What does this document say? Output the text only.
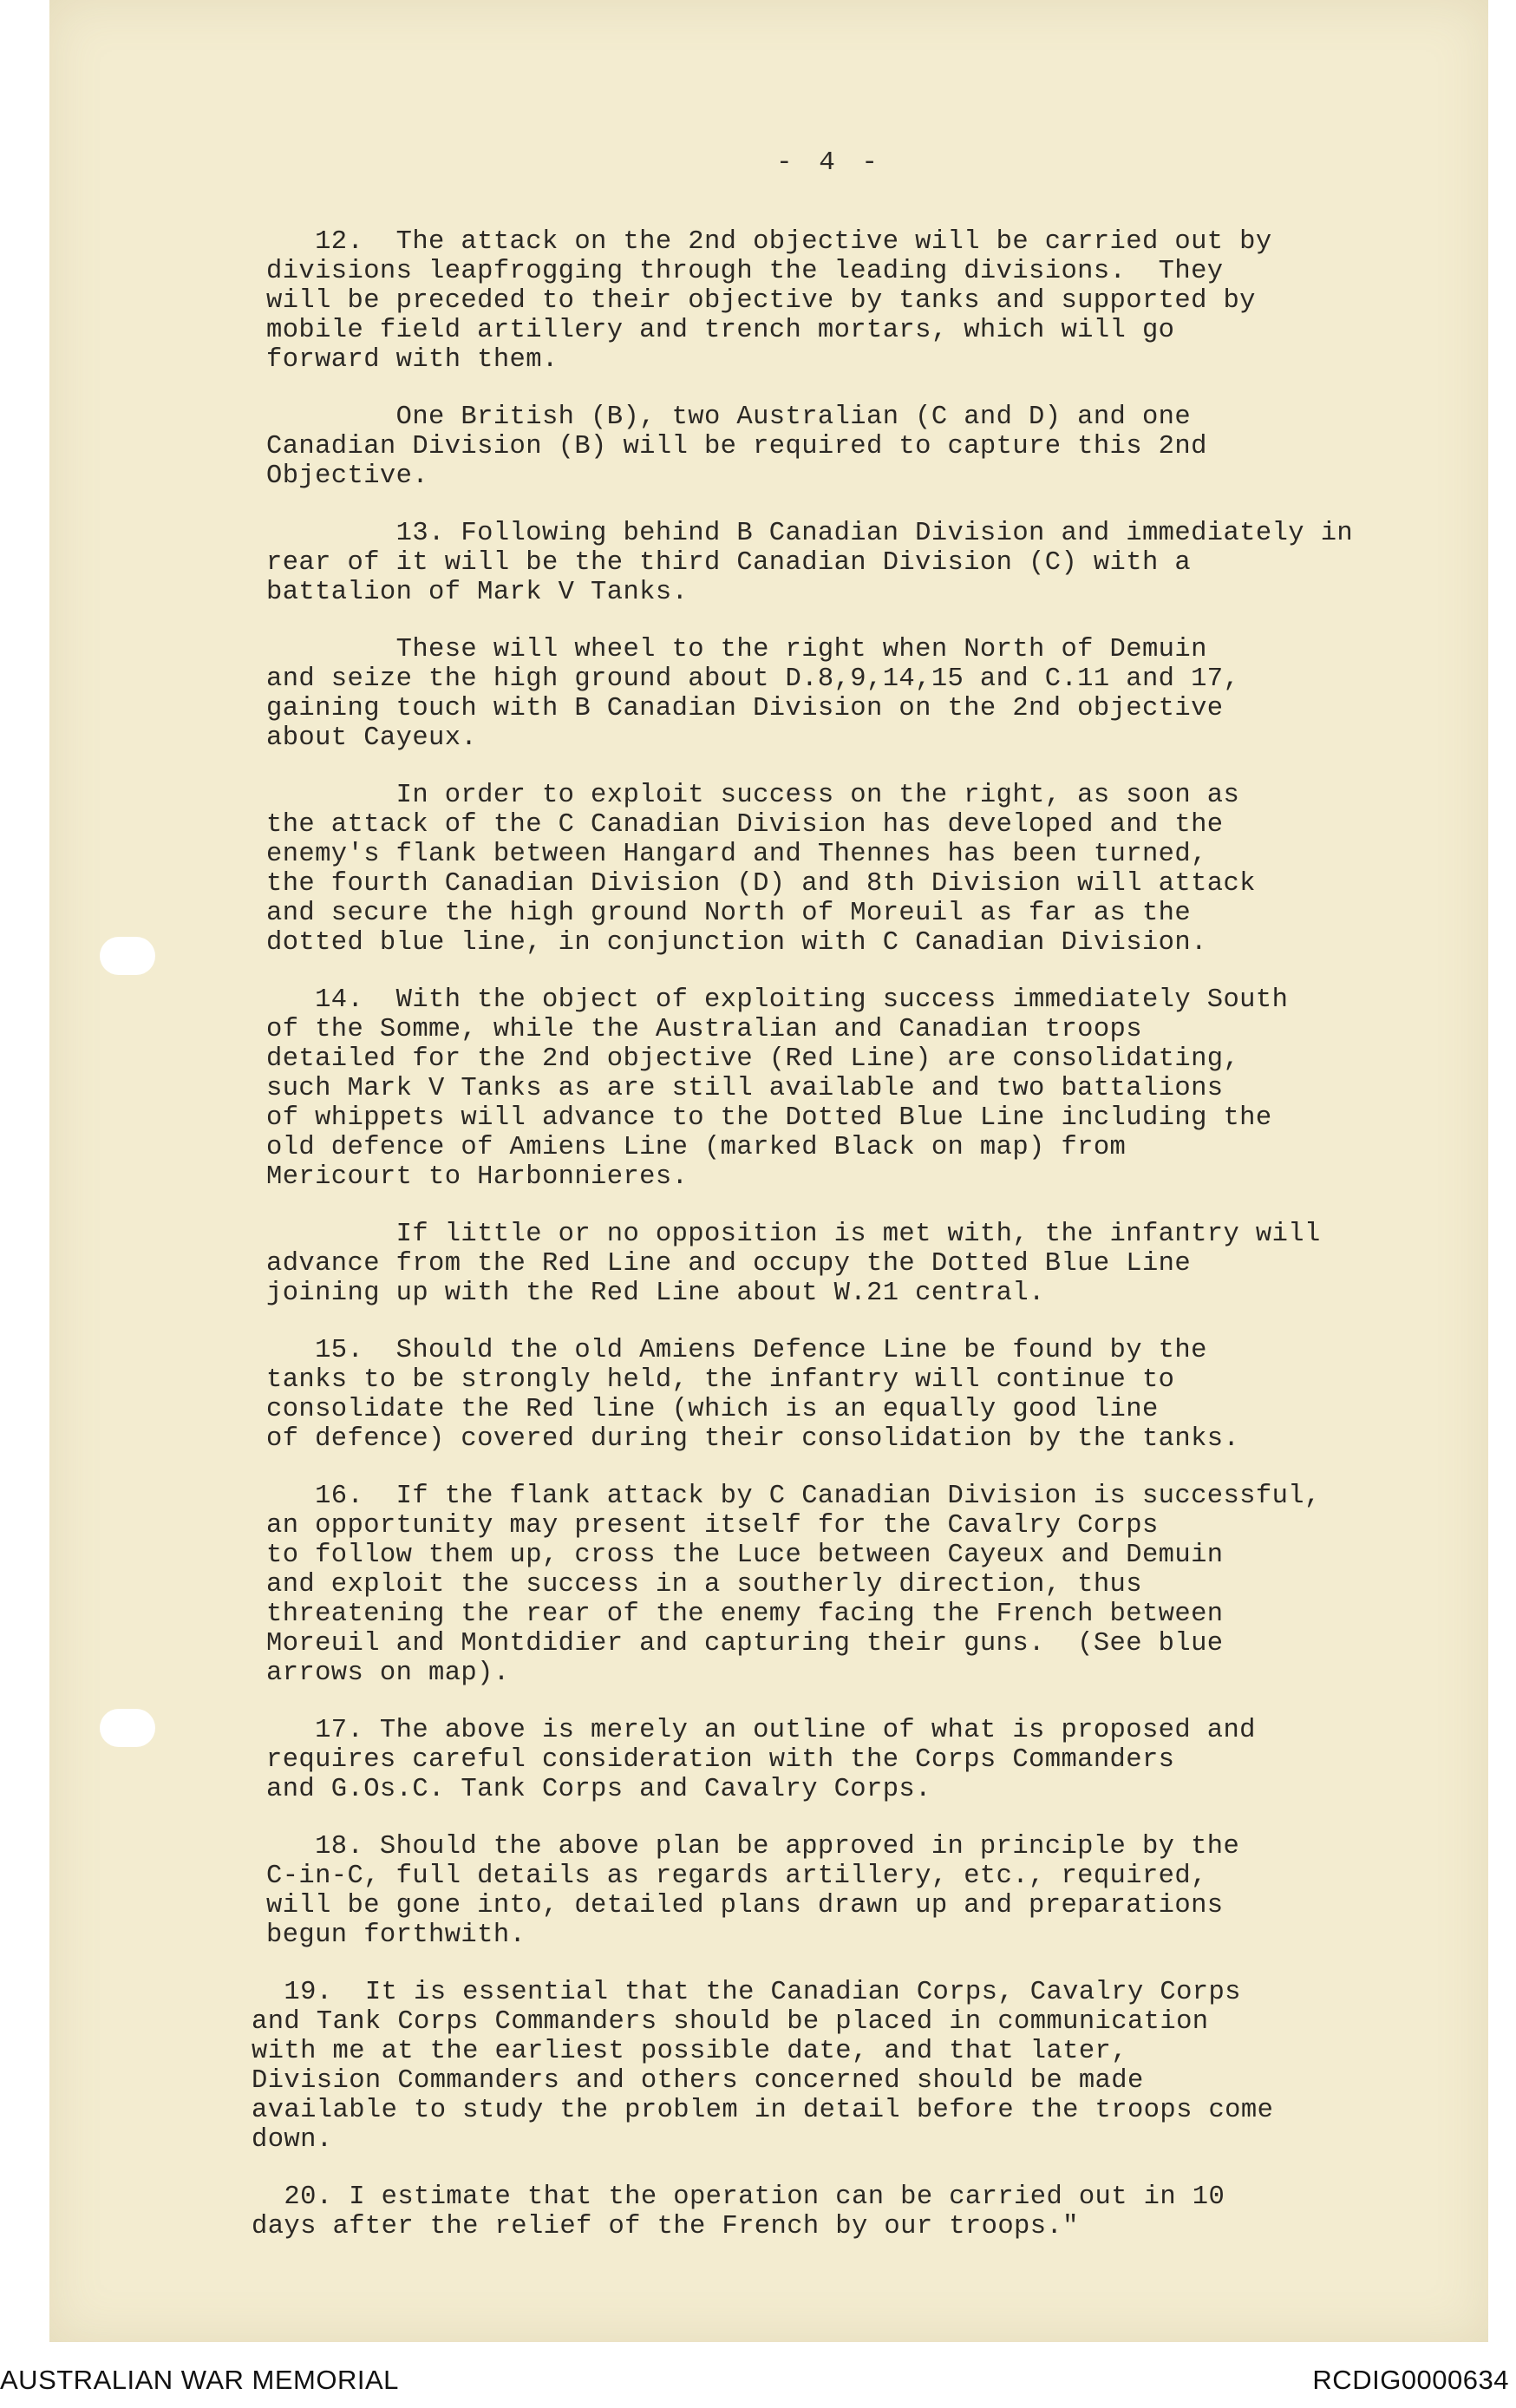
- 4 -

12.  The attack on the 2nd objective will be carried out by
divisions leapfrogging through the leading divisions.  They
will be preceded to their objective by tanks and supported by
mobile field artillery and trench mortars, which will go
forward with them.

One British (B), two Australian (C and D) and one
Canadian Division (B) will be required to capture this 2nd
Objective.

13. Following behind B Canadian Division and immediately in
rear of it will be the third Canadian Division (C) with a
battalion of Mark V Tanks.

These will wheel to the right when North of Demuin
and seize the high ground about D.8,9,14,15 and C.11 and 17,
gaining touch with B Canadian Division on the 2nd objective
about Cayeux.

In order to exploit success on the right, as soon as
the attack of the C Canadian Division has developed and the
enemy's flank between Hangard and Thennes has been turned,
the fourth Canadian Division (D) and 8th Division will attack
and secure the high ground North of Moreuil as far as the
dotted blue line, in conjunction with C Canadian Division.

14.  With the object of exploiting success immediately South
of the Somme, while the Australian and Canadian troops
detailed for the 2nd objective (Red Line) are consolidating,
such Mark V Tanks as are still available and two battalions
of whippets will advance to the Dotted Blue Line including the
old defence of Amiens Line (marked Black on map) from
Mericourt to Harbonnieres.

If little or no opposition is met with, the infantry will
advance from the Red Line and occupy the Dotted Blue Line
joining up with the Red Line about W.21 central.

15.  Should the old Amiens Defence Line be found by the
tanks to be strongly held, the infantry will continue to
consolidate the Red line (which is an equally good line
of defence) covered during their consolidation by the tanks.

16.  If the flank attack by C Canadian Division is successful,
an opportunity may present itself for the Cavalry Corps
to follow them up, cross the Luce between Cayeux and Demuin
and exploit the success in a southerly direction, thus
threatening the rear of the enemy facing the French between
Moreuil and Montdidier and capturing their guns.  (See blue
arrows on map).

17. The above is merely an outline of what is proposed and
requires careful consideration with the Corps Commanders
and G.Os.C. Tank Corps and Cavalry Corps.

18. Should the above plan be approved in principle by the
C-in-C, full details as regards artillery, etc., required,
will be gone into, detailed plans drawn up and preparations
begun forthwith.

19.  It is essential that the Canadian Corps, Cavalry Corps
and Tank Corps Commanders should be placed in communication
with me at the earliest possible date, and that later,
Division Commanders and others concerned should be made
available to study the problem in detail before the troops come
down.

20. I estimate that the operation can be carried out in 10
days after the relief of the French by our troops."

AUSTRALIAN WAR MEMORIAL	RCDIG0000634
